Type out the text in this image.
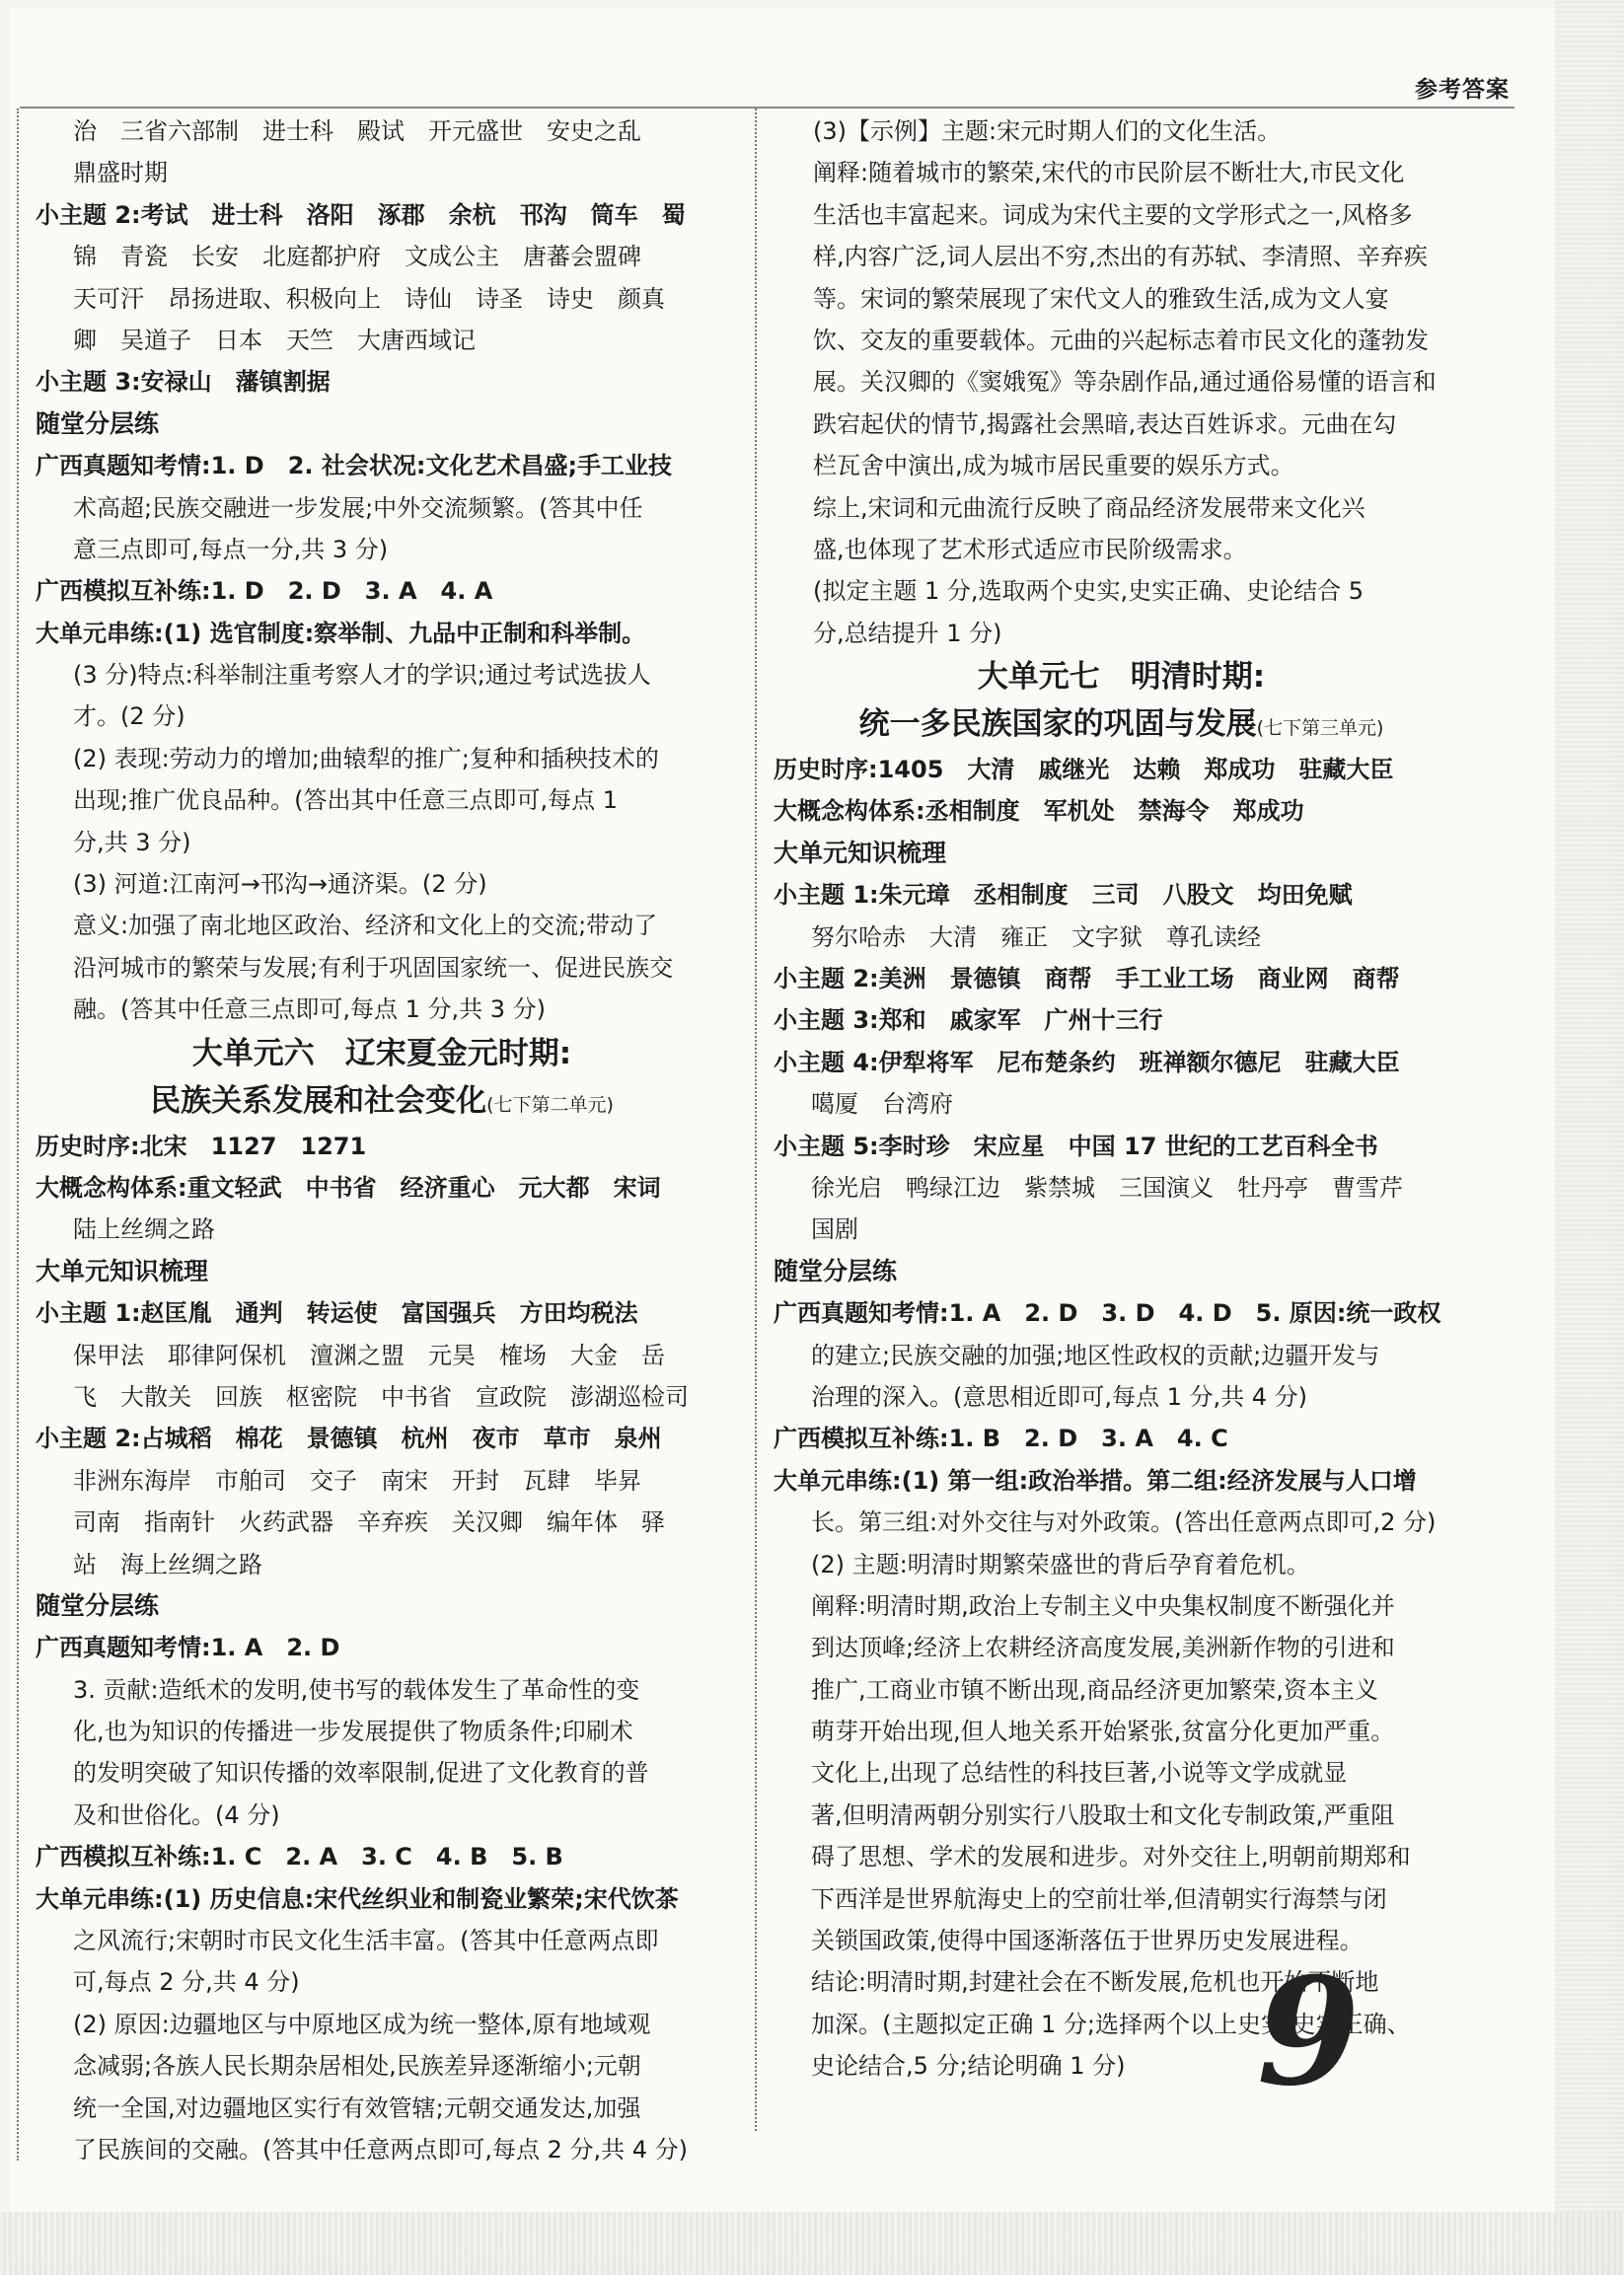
参考答案
治　三省六部制　进士科　殿试　开元盛世　安史之乱
鼎盛时期
小主题 2:考试　进士科　洛阳　涿郡　余杭　邗沟　筒车　蜀
锦　青瓷　长安　北庭都护府　文成公主　唐蕃会盟碑
天可汗　昂扬进取、积极向上　诗仙　诗圣　诗史　颜真
卿　吴道子　日本　天竺　大唐西域记
小主题 3:安禄山　藩镇割据
随堂分层练
广西真题知考情:1. D　2. 社会状况:文化艺术昌盛;手工业技
术高超;民族交融进一步发展;中外交流频繁。(答其中任
意三点即可,每点一分,共 3 分)
广西模拟互补练:1. D　2. D　3. A　4. A
大单元串练:(1) 选官制度:察举制、九品中正制和科举制。
(3 分)特点:科举制注重考察人才的学识;通过考试选拔人
才。(2 分)
(2) 表现:劳动力的增加;曲辕犁的推广;复种和插秧技术的
出现;推广优良品种。(答出其中任意三点即可,每点 1
分,共 3 分)
(3) 河道:江南河→邗沟→通济渠。(2 分)
意义:加强了南北地区政治、经济和文化上的交流;带动了
沿河城市的繁荣与发展;有利于巩固国家统一、促进民族交
融。(答其中任意三点即可,每点 1 分,共 3 分)
大单元六　辽宋夏金元时期:
民族关系发展和社会变化(七下第二单元)
历史时序:北宋　1127　1271
大概念构体系:重文轻武　中书省　经济重心　元大都　宋词
陆上丝绸之路
大单元知识梳理
小主题 1:赵匡胤　通判　转运使　富国强兵　方田均税法
保甲法　耶律阿保机　澶渊之盟　元昊　榷场　大金　岳
飞　大散关　回族　枢密院　中书省　宣政院　澎湖巡检司
小主题 2:占城稻　棉花　景德镇　杭州　夜市　草市　泉州
非洲东海岸　市舶司　交子　南宋　开封　瓦肆　毕昇
司南　指南针　火药武器　辛弃疾　关汉卿　编年体　驿
站　海上丝绸之路
随堂分层练
广西真题知考情:1. A　2. D
3. 贡献:造纸术的发明,使书写的载体发生了革命性的变
化,也为知识的传播进一步发展提供了物质条件;印刷术
的发明突破了知识传播的效率限制,促进了文化教育的普
及和世俗化。(4 分)
广西模拟互补练:1. C　2. A　3. C　4. B　5. B
大单元串练:(1) 历史信息:宋代丝织业和制瓷业繁荣;宋代饮茶
之风流行;宋朝时市民文化生活丰富。(答其中任意两点即
可,每点 2 分,共 4 分)
(2) 原因:边疆地区与中原地区成为统一整体,原有地域观
念减弱;各族人民长期杂居相处,民族差异逐渐缩小;元朝
统一全国,对边疆地区实行有效管辖;元朝交通发达,加强
了民族间的交融。(答其中任意两点即可,每点 2 分,共 4 分)
(3)【示例】主题:宋元时期人们的文化生活。
阐释:随着城市的繁荣,宋代的市民阶层不断壮大,市民文化
生活也丰富起来。词成为宋代主要的文学形式之一,风格多
样,内容广泛,词人层出不穷,杰出的有苏轼、李清照、辛弃疾
等。宋词的繁荣展现了宋代文人的雅致生活,成为文人宴
饮、交友的重要载体。元曲的兴起标志着市民文化的蓬勃发
展。关汉卿的《窦娥冤》等杂剧作品,通过通俗易懂的语言和
跌宕起伏的情节,揭露社会黑暗,表达百姓诉求。元曲在勾
栏瓦舍中演出,成为城市居民重要的娱乐方式。
综上,宋词和元曲流行反映了商品经济发展带来文化兴
盛,也体现了艺术形式适应市民阶级需求。
(拟定主题 1 分,选取两个史实,史实正确、史论结合 5
分,总结提升 1 分)
大单元七　明清时期:
统一多民族国家的巩固与发展(七下第三单元)
历史时序:1405　大清　戚继光　达赖　郑成功　驻藏大臣
大概念构体系:丞相制度　军机处　禁海令　郑成功
大单元知识梳理
小主题 1:朱元璋　丞相制度　三司　八股文　均田免赋
努尔哈赤　大清　雍正　文字狱　尊孔读经
小主题 2:美洲　景德镇　商帮　手工业工场　商业网　商帮
小主题 3:郑和　戚家军　广州十三行
小主题 4:伊犁将军　尼布楚条约　班禅额尔德尼　驻藏大臣
噶厦　台湾府
小主题 5:李时珍　宋应星　中国 17 世纪的工艺百科全书
徐光启　鸭绿江边　紫禁城　三国演义　牡丹亭　曹雪芹
国剧
随堂分层练
广西真题知考情:1. A　2. D　3. D　4. D　5. 原因:统一政权
的建立;民族交融的加强;地区性政权的贡献;边疆开发与
治理的深入。(意思相近即可,每点 1 分,共 4 分)
广西模拟互补练:1. B　2. D　3. A　4. C
大单元串练:(1) 第一组:政治举措。第二组:经济发展与人口增
长。第三组:对外交往与对外政策。(答出任意两点即可,2 分)
(2) 主题:明清时期繁荣盛世的背后孕育着危机。
阐释:明清时期,政治上专制主义中央集权制度不断强化并
到达顶峰;经济上农耕经济高度发展,美洲新作物的引进和
推广,工商业市镇不断出现,商品经济更加繁荣,资本主义
萌芽开始出现,但人地关系开始紧张,贫富分化更加严重。
文化上,出现了总结性的科技巨著,小说等文学成就显
著,但明清两朝分别实行八股取士和文化专制政策,严重阻
碍了思想、学术的发展和进步。对外交往上,明朝前期郑和
下西洋是世界航海史上的空前壮举,但清朝实行海禁与闭
关锁国政策,使得中国逐渐落伍于世界历史发展进程。
结论:明清时期,封建社会在不断发展,危机也开始不断地
加深。(主题拟定正确 1 分;选择两个以上史实,史实正确、
史论结合,5 分;结论明确 1 分) 9
